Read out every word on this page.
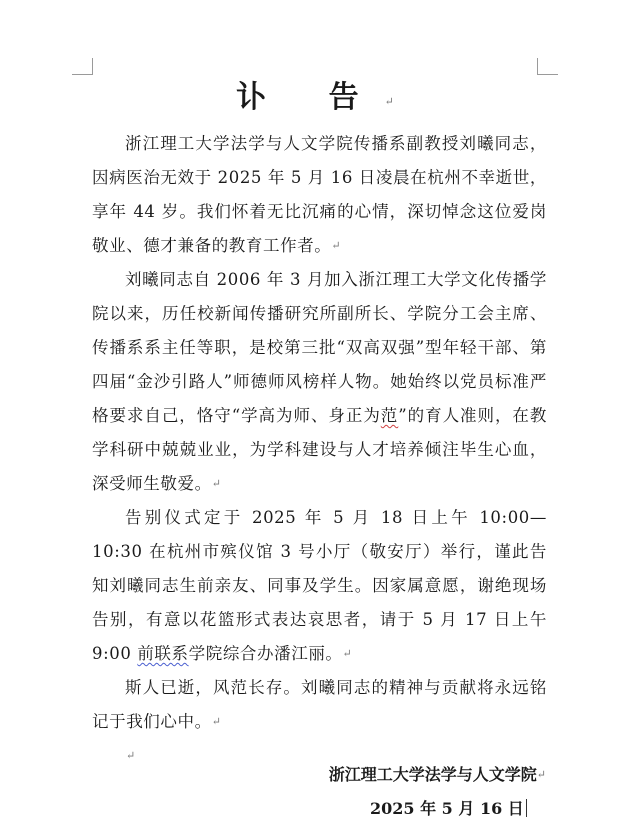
讣 告↵

浙江理工大学法学与人文学院传播系副教授刘曦同志，因病医治无效于 2025 年 5 月 16 日凌晨在杭州不幸逝世，享年 44 岁。我们怀着无比沉痛的心情，深切悼念这位爱岗敬业、德才兼备的教育工作者。↵

刘曦同志自 2006 年 3 月加入浙江理工大学文化传播学院以来，历任校新闻传播研究所副所长、学院分工会主席、传播系系主任等职，是校第三批“双高双强”型年轻干部、第四届“金沙引路人”师德师风榜样人物。她始终以党员标准严格要求自己，恪守“学高为师、身正为范”的育人准则，在教学科研中兢兢业业，为学科建设与人才培养倾注毕生心血，深受师生敬爱。↵

告别仪式定于 2025 年 5 月 18 日上午 10:00—10:30 在杭州市殡仪馆 3 号小厅（敬安厅）举行，谨此告知刘曦同志生前亲友、同事及学生。因家属意愿，谢绝现场告别，有意以花篮形式表达哀思者，请于 5 月 17 日上午 9:00 前联系学院综合办潘江丽。↵

斯人已逝，风范长存。刘曦同志的精神与贡献将永远铭记于我们心中。↵

↵
浙江理工大学法学与人文学院↵
2025 年 5 月 16 日
